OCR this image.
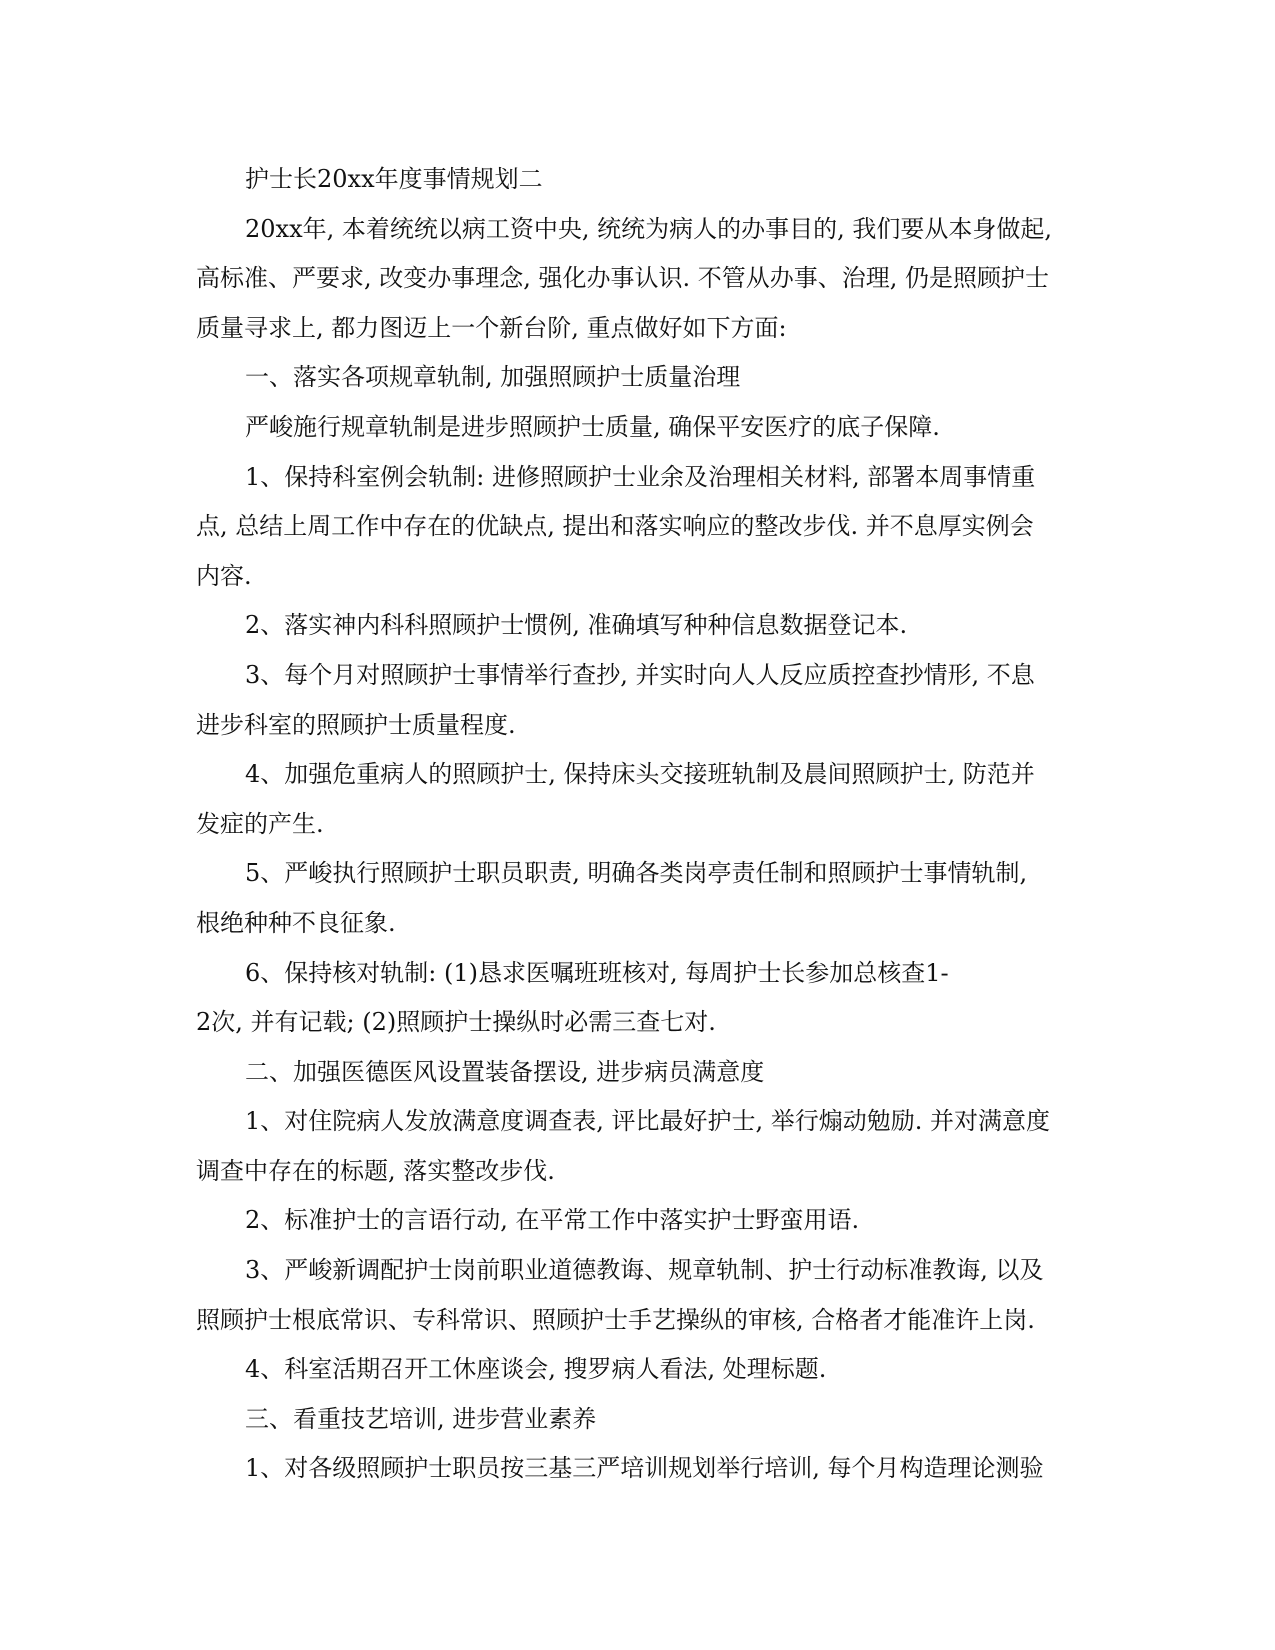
护士长20xx年度事情规划二

20xx年, 本着统统以病工资中央, 统统为病人的办事目的, 我们要从本身做起,

高标准、严要求, 改变办事理念, 强化办事认识. 不管从办事、治理, 仍是照顾护士

质量寻求上, 都力图迈上一个新台阶, 重点做好如下方面:

一、落实各项规章轨制, 加强照顾护士质量治理

严峻施行规章轨制是进步照顾护士质量, 确保平安医疗的底子保障.

1、保持科室例会轨制: 进修照顾护士业余及治理相关材料, 部署本周事情重

点, 总结上周工作中存在的优缺点, 提出和落实响应的整改步伐. 并不息厚实例会

内容.

2、落实神内科科照顾护士惯例, 准确填写种种信息数据登记本.

3、每个月对照顾护士事情举行查抄, 并实时向人人反应质控查抄情形, 不息

进步科室的照顾护士质量程度.

4、加强危重病人的照顾护士, 保持床头交接班轨制及晨间照顾护士, 防范并

发症的产生.

5、严峻执行照顾护士职员职责, 明确各类岗亭责任制和照顾护士事情轨制,

根绝种种不良征象.

6、保持核对轨制: (1)恳求医嘱班班核对, 每周护士长参加总核查1-

2次, 并有记载; (2)照顾护士操纵时必需三查七对.

二、加强医德医风设置装备摆设, 进步病员满意度

1、对住院病人发放满意度调查表, 评比最好护士, 举行煽动勉励. 并对满意度

调查中存在的标题, 落实整改步伐.

2、标准护士的言语行动, 在平常工作中落实护士野蛮用语.

3、严峻新调配护士岗前职业道德教诲、规章轨制、护士行动标准教诲, 以及

照顾护士根底常识、专科常识、照顾护士手艺操纵的审核, 合格者才能准许上岗.

4、科室活期召开工休座谈会, 搜罗病人看法, 处理标题.

三、看重技艺培训, 进步营业素养

1、对各级照顾护士职员按三基三严培训规划举行培训, 每个月构造理论测验
